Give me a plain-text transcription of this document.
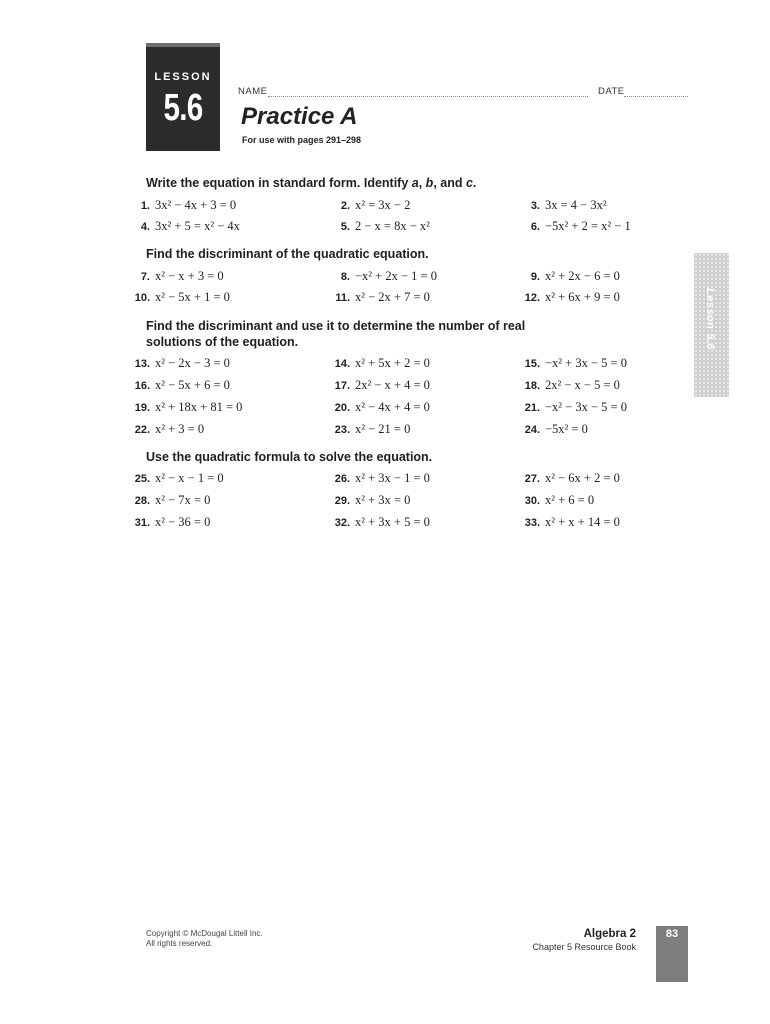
LESSON
5.6	NAME	DATE
Practice A
For use with pages 291–298
Lesson 5.6
Write the equation in standard form. Identify a, b, and c.
1. 3x² − 4x + 3 = 0	2. x² = 3x − 2	3. 3x = 4 − 3x²
4. 3x² + 5 = x² − 4x	5. 2 − x = 8x − x²	6. −5x² + 2 = x² − 1
Find the discriminant of the quadratic equation.
7. x² − x + 3 = 0	8. −x² + 2x − 1 = 0	9. x² + 2x − 6 = 0
10. x² − 5x + 1 = 0	11. x² − 2x + 7 = 0	12. x² + 6x + 9 = 0
Find the discriminant and use it to determine the number of real
solutions of the equation.
13. x² − 2x − 3 = 0	14. x² + 5x + 2 = 0	15. −x² + 3x − 5 = 0
16. x² − 5x + 6 = 0	17. 2x² − x + 4 = 0	18. 2x² − x − 5 = 0
19. x² + 18x + 81 = 0	20. x² − 4x + 4 = 0	21. −x² − 3x − 5 = 0
22. x² + 3 = 0	23. x² − 21 = 0	24. −5x² = 0
Use the quadratic formula to solve the equation.
25. x² − x − 1 = 0	26. x² + 3x − 1 = 0	27. x² − 6x + 2 = 0
28. x² − 7x = 0	29. x² + 3x = 0	30. x² + 6 = 0
31. x² − 36 = 0	32. x² + 3x + 5 = 0	33. x² + x + 14 = 0
Copyright © McDougal Littell Inc.
All rights reserved.
Algebra 2
Chapter 5 Resource Book
83
